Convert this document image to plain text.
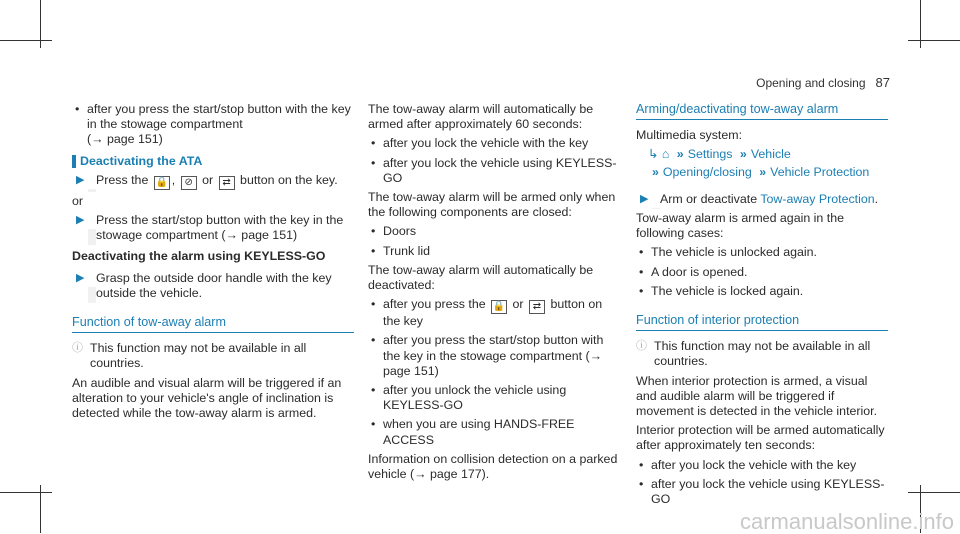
Opening and closing 87
• after you press the start/stop button with the key in the stowage compartment
(→ page 151)
Deactivating the ATA
▶ Press the 🔒 , ⊘ or ⇄ button on the key.

or

▶ Press the start/stop button with the key in the stowage compartment (→ page 151)
Deactivating the alarm using KEYLESS-GO
▶ Grasp the outside door handle with the key outside the vehicle.
Function of tow-away alarm
ⓘ This function may not be available in all countries.

An audible and visual alarm will be triggered if an alteration to your vehicle's angle of inclination is detected while the tow-away alarm is armed.

The tow-away alarm will automatically be armed after approximately 60 seconds:

• after you lock the vehicle with the key
• after you lock the vehicle using KEYLESS-GO

The tow-away alarm will be armed only when the following components are closed:

• Doors
• Trunk lid

The tow-away alarm will automatically be deactivated:

• after you press the 🔒 or ⇄ button on the key
• after you press the start/stop button with the key in the stowage compartment (→ page 151)
• after you unlock the vehicle using KEYLESS-GO
• when you are using HANDS-FREE ACCESS

Information on collision detection on a parked vehicle (→ page 177).

Arming/deactivating tow-away alarm

Multimedia system:

↳ ⌂ » Settings » Vehicle
» Opening/closing » Vehicle Protection
▶ Arm or deactivate Tow-away Protection.

Tow-away alarm is armed again in the following cases:

• The vehicle is unlocked again.
• A door is opened.
• The vehicle is locked again.
Function of interior protection
ⓘ This function may not be available in all countries.

When interior protection is armed, a visual and audible alarm will be triggered if movement is detected in the vehicle interior.

Interior protection will be armed automatically after approximately ten seconds:

• after you lock the vehicle with the key
• after you lock the vehicle using KEYLESS-GO
carmanualsonline.info
